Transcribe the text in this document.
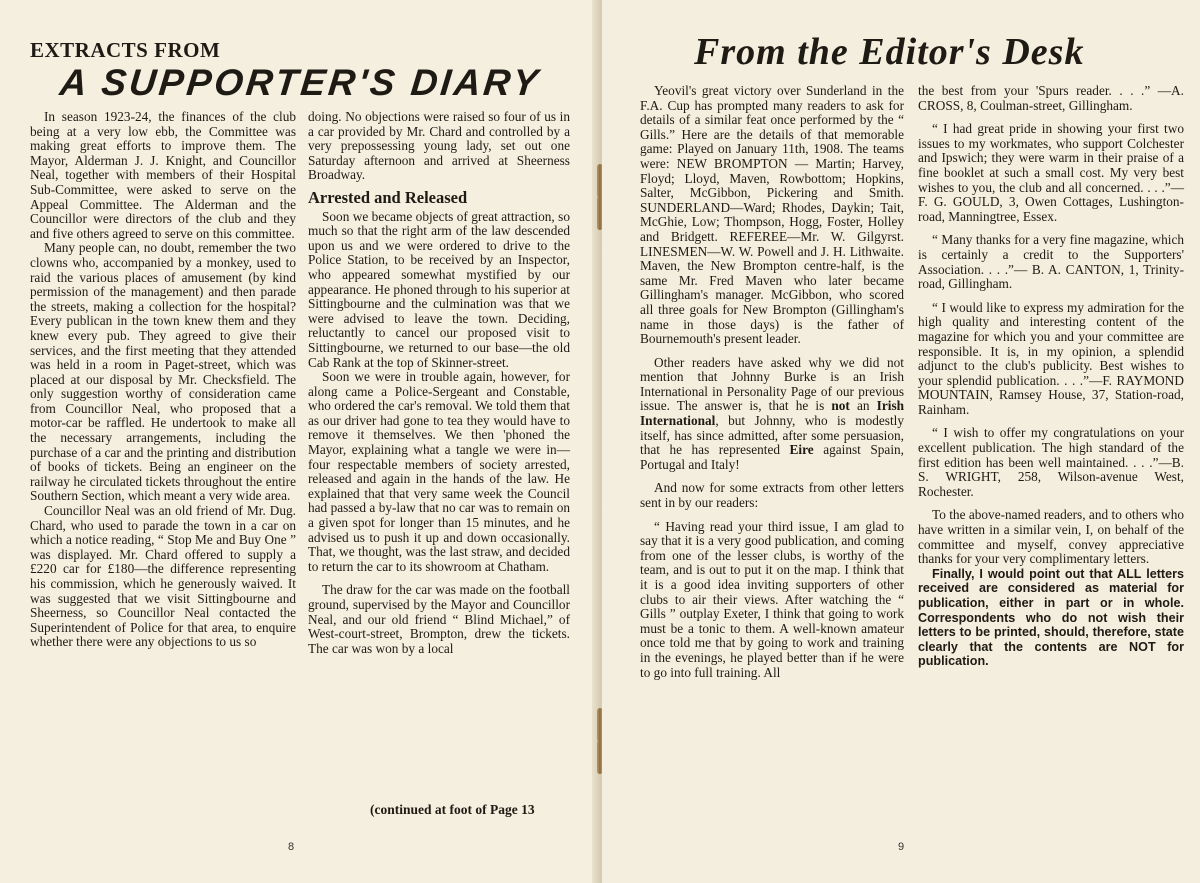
EXTRACTS FROM
A SUPPORTER'S DIARY

In season 1923-24, the finances of the club being at a very low ebb, the Committee was making great efforts to improve them. The Mayor, Alderman J. J. Knight, and Councillor Neal, together with members of their Hospital Sub-Committee, were asked to serve on the Appeal Committee. The Alderman and the Councillor were directors of the club and they and five others agreed to serve on this committee.

Many people can, no doubt, remember the two clowns who, accompanied by a monkey, used to raid the various places of amusement (by kind permission of the management) and then parade the streets, making a collection for the hospital? Every publican in the town knew them and they knew every pub. They agreed to give their services, and the first meeting that they attended was held in a room in Paget-street, which was placed at our disposal by Mr. Checksfield. The only suggestion worthy of consideration came from Councillor Neal, who proposed that a motor-car be raffled. He undertook to make all the necessary arrangements, including the purchase of a car and the printing and distribution of books of tickets. Being an engineer on the railway he circulated tickets throughout the entire Southern Section, which meant a very wide area.

Councillor Neal was an old friend of Mr. Dug. Chard, who used to parade the town in a car on which a notice reading, “ Stop Me and Buy One ” was displayed. Mr. Chard offered to supply a £220 car for £180—the difference representing his commission, which he generously waived. It was suggested that we visit Sittingbourne and Sheerness, so Councillor Neal contacted the Superintendent of Police for that area, to enquire whether there were any objections to us so

doing. No objections were raised so four of us in a car provided by Mr. Chard and controlled by a very prepossessing young lady, set out one Saturday afternoon and arrived at Sheerness Broadway.

Arrested and Released

Soon we became objects of great attraction, so much so that the right arm of the law descended upon us and we were ordered to drive to the Police Station, to be received by an Inspector, who appeared somewhat mystified by our appearance. He phoned through to his superior at Sittingbourne and the culmination was that we were advised to leave the town. Deciding, reluctantly to cancel our proposed visit to Sittingbourne, we returned to our base—the old Cab Rank at the top of Skinner-street.

Soon we were in trouble again, however, for along came a Police-Sergeant and Constable, who ordered the car's removal. We told them that as our driver had gone to tea they would have to remove it themselves. We then 'phoned the Mayor, explaining what a tangle we were in—four respectable members of society arrested, released and again in the hands of the law. He explained that that very same week the Council had passed a by-law that no car was to remain on a given spot for longer than 15 minutes, and he advised us to push it up and down occasionally. That, we thought, was the last straw, and decided to return the car to its showroom at Chatham.

The draw for the car was made on the football ground, supervised by the Mayor and Councillor Neal, and our old friend “ Blind Michael,” of West-court-street, Brompton, drew the tickets. The car was won by a local

(continued at foot of Page 13
8
From the Editor's Desk

Yeovil's great victory over Sunderland in the F.A. Cup has prompted many readers to ask for details of a similar feat once performed by the “ Gills.” Here are the details of that memorable game: Played on January 11th, 1908. The teams were: NEW BROMPTON — Martin; Harvey, Floyd; Lloyd, Maven, Rowbottom; Hopkins, Salter, McGibbon, Pickering and Smith. SUNDERLAND—Ward; Rhodes, Daykin; Tait, McGhie, Low; Thompson, Hogg, Foster, Holley and Bridgett. REFEREE—Mr. W. Gilgyrst. LINESMEN—W. W. Powell and J. H. Lithwaite. Maven, the New Brompton centre-half, is the same Mr. Fred Maven who later became Gillingham's manager. McGibbon, who scored all three goals for New Brompton (Gillingham's name in those days) is the father of Bournemouth's present leader.

Other readers have asked why we did not mention that Johnny Burke is an Irish International in Personality Page of our previous issue. The answer is, that he is not an Irish International, but Johnny, who is modestly itself, has since admitted, after some persuasion, that he has represented Eire against Spain, Portugal and Italy!

And now for some extracts from other letters sent in by our readers:

“ Having read your third issue, I am glad to say that it is a very good publication, and coming from one of the lesser clubs, is worthy of the team, and is out to put it on the map. I think that it is a good idea inviting supporters of other clubs to air their views. After watching the “ Gills ” outplay Exeter, I think that going to work must be a tonic to them. A well-known amateur once told me that by going to work and training in the evenings, he played better than if he were to go into full training. All

the best from your 'Spurs reader. . . .” —A. CROSS, 8, Coulman-street, Gillingham.

“ I had great pride in showing your first two issues to my workmates, who support Colchester and Ipswich; they were warm in their praise of a fine booklet at such a small cost. My very best wishes to you, the club and all concerned. . . .”—F. G. GOULD, 3, Owen Cottages, Lushington-road, Manningtree, Essex.

“ Many thanks for a very fine magazine, which is certainly a credit to the Supporters' Association. . . .”— B. A. CANTON, 1, Trinity-road, Gillingham.

“ I would like to express my admiration for the high quality and interesting content of the magazine for which you and your committee are responsible. It is, in my opinion, a splendid adjunct to the club's publicity. Best wishes to your splendid publication. . . .”—F. RAYMOND MOUNTAIN, Ramsey House, 37, Station-road, Rainham.

“ I wish to offer my congratulations on your excellent publication. The high standard of the first edition has been well maintained. . . .”—B. S. WRIGHT, 258, Wilson-avenue West, Rochester.

To the above-named readers, and to others who have written in a similar vein, I, on behalf of the committee and myself, convey appreciative thanks for your very complimentary letters.

Finally, I would point out that ALL letters received are considered as material for publication, either in part or in whole. Correspondents who do not wish their letters to be printed, should, therefore, state clearly that the contents are NOT for publication.

9
